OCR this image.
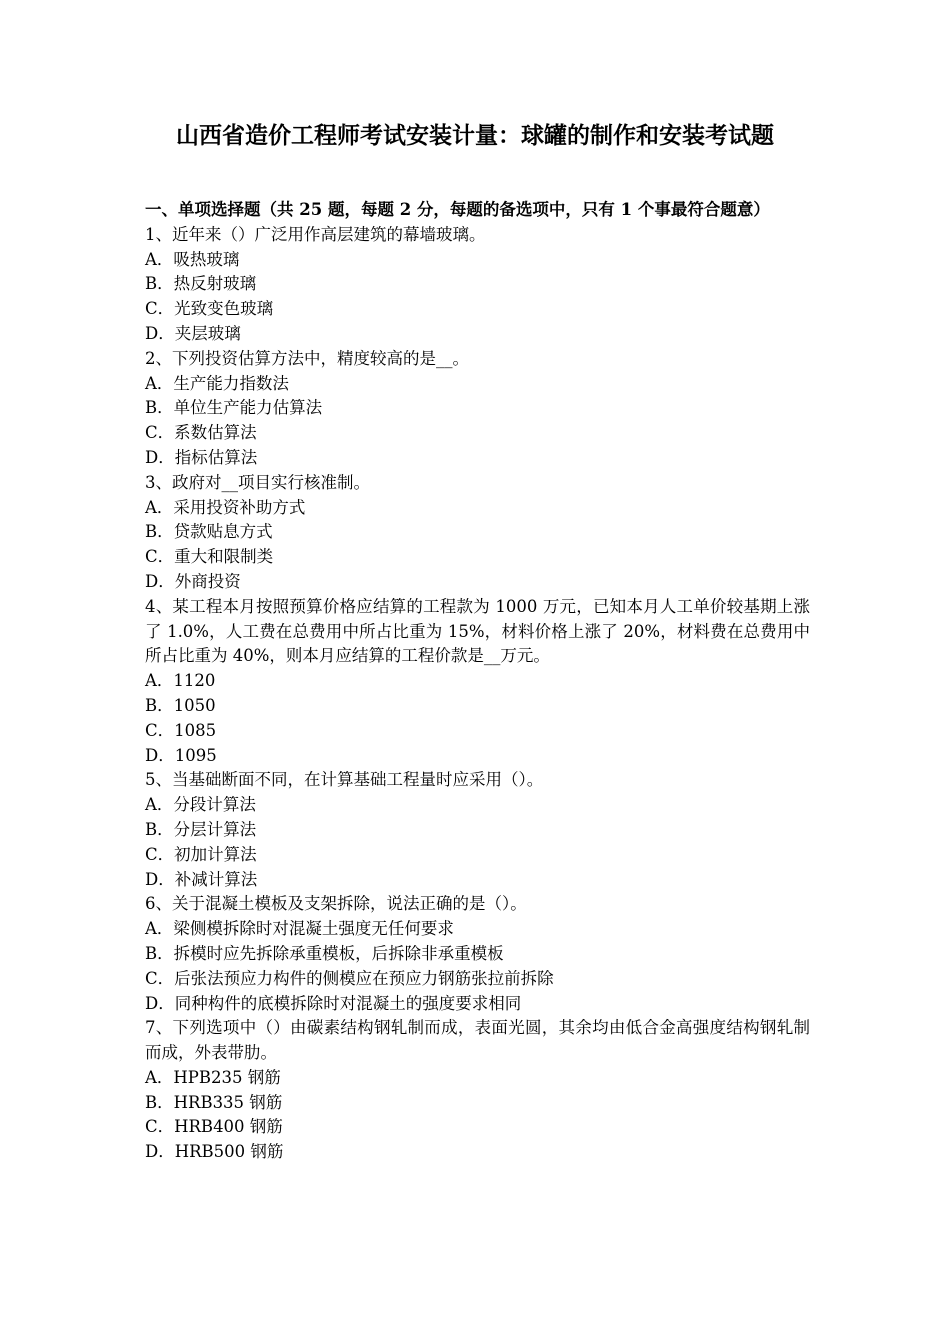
山西省造价工程师考试安装计量：球罐的制作和安装考试题

一、单项选择题（共 25 题，每题 2 分，每题的备选项中，只有 1 个事最符合题意）

1、近年来（）广泛用作高层建筑的幕墙玻璃。

A．吸热玻璃

B．热反射玻璃

C．光致变色玻璃

D．夹层玻璃

2、下列投资估算方法中，精度较高的是__。

A．生产能力指数法

B．单位生产能力估算法

C．系数估算法

D．指标估算法

3、政府对__项目实行核准制。

A．采用投资补助方式

B．贷款贴息方式

C．重大和限制类

D．外商投资

4、某工程本月按照预算价格应结算的工程款为 1000 万元，已知本月人工单价较基期上涨了 1.0%，人工费在总费用中所占比重为 15%，材料价格上涨了 20%，材料费在总费用中所占比重为 40%，则本月应结算的工程价款是__万元。

A．1120

B．1050

C．1085

D．1095

5、当基础断面不同，在计算基础工程量时应采用（）。

A．分段计算法

B．分层计算法

C．初加计算法

D．补减计算法

6、关于混凝土模板及支架拆除，说法正确的是（）。

A．梁侧模拆除时对混凝土强度无任何要求

B．拆模时应先拆除承重模板，后拆除非承重模板

C．后张法预应力构件的侧模应在预应力钢筋张拉前拆除

D．同种构件的底模拆除时对混凝土的强度要求相同

7、下列选项中（）由碳素结构钢轧制而成，表面光圆，其余均由低合金高强度结构钢轧制而成，外表带肋。

A．HPB235 钢筋

B．HRB335 钢筋

C．HRB400 钢筋

D．HRB500 钢筋
